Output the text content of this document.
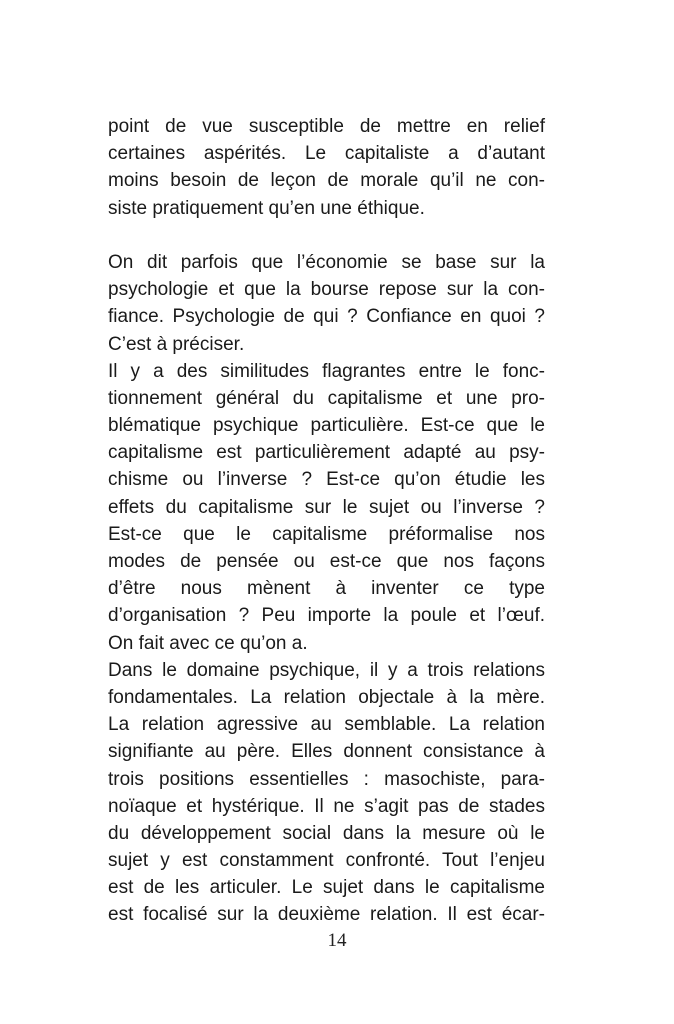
point de vue susceptible de mettre en relief
certaines aspérités. Le capitaliste a d’autant
moins besoin de leçon de morale qu’il ne con-
siste pratiquement qu’en une éthique.
On dit parfois que l’économie se base sur la
psychologie et que la bourse repose sur la con-
fiance. Psychologie de qui ? Confiance en quoi ?
C’est à préciser.
Il y a des similitudes flagrantes entre le fonc-
tionnement général du capitalisme et une pro-
blématique psychique particulière. Est-ce que le
capitalisme est particulièrement adapté au psy-
chisme ou l’inverse ? Est-ce qu’on étudie les
effets du capitalisme sur le sujet ou l’inverse ?
Est-ce que le capitalisme préformalise nos
modes de pensée ou est-ce que nos façons
d’être nous mènent à inventer ce type
d’organisation ? Peu importe la poule et l’œuf.
On fait avec ce qu’on a.
Dans le domaine psychique, il y a trois relations
fondamentales. La relation objectale à la mère.
La relation agressive au semblable. La relation
signifiante au père. Elles donnent consistance à
trois positions essentielles : masochiste, para-
noïaque et hystérique. Il ne s’agit pas de stades
du développement social dans la mesure où le
sujet y est constamment confronté. Tout l’enjeu
est de les articuler. Le sujet dans le capitalisme
est focalisé sur la deuxième relation. Il est écar-
14
